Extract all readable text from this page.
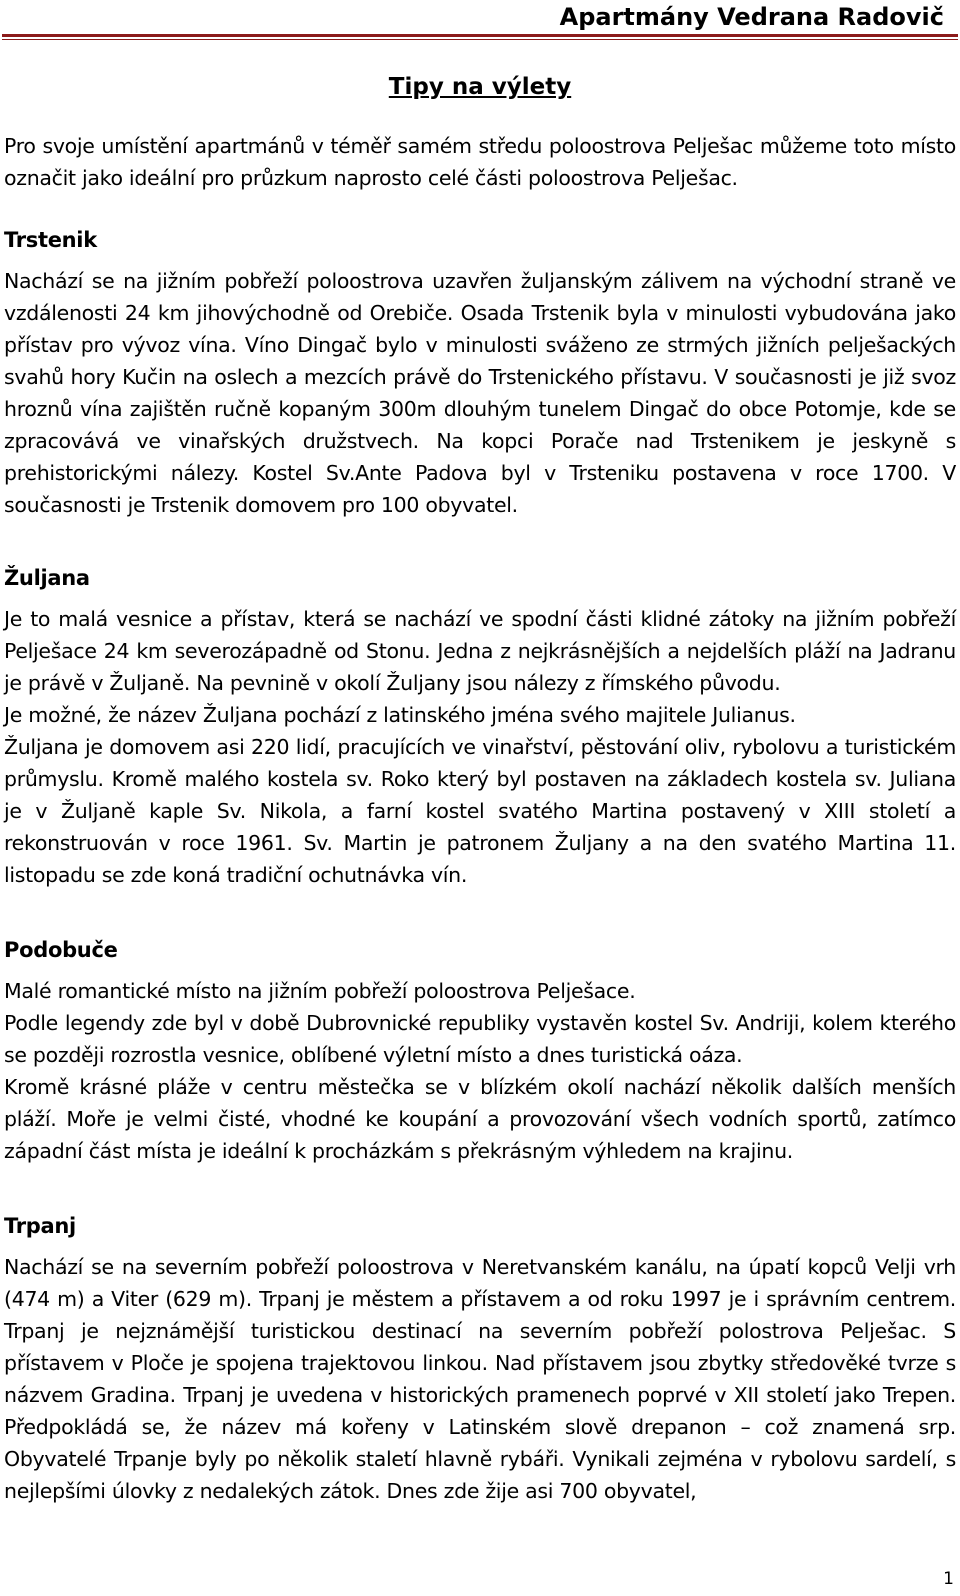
Apartmány Vedrana Radovič
Tipy na výlety

Pro svoje umístění apartmánů v téměř samém středu poloostrova Pelješac můžeme toto místo označit jako ideální pro průzkum naprosto celé části poloostrova Pelješac.

Trstenik

Nachází se na jižním pobřeží poloostrova uzavřen žuljanským zálivem na východní straně ve vzdálenosti 24 km jihovýchodně od Orebiče. Osada Trstenik byla v minulosti vybudována jako přístav pro vývoz vína. Víno Dingač bylo v minulosti sváženo ze strmých jižních pelješackých svahů hory Kučin na oslech a mezcích právě do Trstenického přístavu. V současnosti je již svoz hroznů vína zajištěn ručně kopaným 300m dlouhým tunelem Dingač do obce Potomje, kde se zpracovává ve vinařských družstvech. Na kopci Porače nad Trstenikem je jeskyně s prehistorickými nálezy. Kostel Sv.Ante Padova byl v Trsteniku postavena v roce 1700. V současnosti je Trstenik domovem pro 100 obyvatel.

Žuljana

Je to malá vesnice a přístav, která se nachází ve spodní části klidné zátoky na jižním pobřeží Pelješace 24 km severozápadně od Stonu. Jedna z nejkrásnějších a nejdelších pláží na Jadranu je právě v Žuljaně. Na pevnině v okolí Žuljany jsou nálezy z římského původu.

Je možné, že název Žuljana pochází z latinského jména svého majitele Julianus.

Žuljana je domovem asi 220 lidí, pracujících ve vinařství, pěstování oliv, rybolovu a turistickém průmyslu. Kromě malého kostela sv. Roko který byl postaven na základech kostela sv. Juliana je v Žuljaně kaple Sv. Nikola, a farní kostel svatého Martina postavený v XIII století a rekonstruován v roce 1961. Sv. Martin je patronem Žuljany a na den svatého Martina 11. listopadu se zde koná tradiční ochutnávka vín.

Podobuče

Malé romantické místo na jižním pobřeží poloostrova Pelješace.

Podle legendy zde byl v době Dubrovnické republiky vystavěn kostel Sv. Andriji, kolem kterého se později rozrostla vesnice, oblíbené výletní místo a dnes turistická oáza.

Kromě krásné pláže v centru městečka se v blízkém okolí nachází několik dalších menších pláží. Moře je velmi čisté, vhodné ke koupání a provozování všech vodních sportů, zatímco západní část místa je ideální k procházkám s překrásným výhledem na krajinu.

Trpanj

Nachází se na severním pobřeží poloostrova v Neretvanském kanálu, na úpatí kopců Velji vrh (474 m) a Viter (629 m). Trpanj je městem a přístavem a od roku 1997 je i správním centrem. Trpanj je nejznámější turistickou destinací na severním pobřeží polostrova Pelješac. S přístavem v Ploče je spojena trajektovou linkou. Nad přístavem jsou zbytky středověké tvrze s názvem Gradina. Trpanj je uvedena v historických pramenech poprvé v XII století jako Trepen. Předpokládá se, že název má kořeny v Latinském slově drepanon – což znamená srp. Obyvatelé Trpanje byly po několik staletí hlavně rybáři. Vynikali zejména v rybolovu sardelí, s nejlepšími úlovky z nedalekých zátok. Dnes zde žije asi 700 obyvatel,

1
